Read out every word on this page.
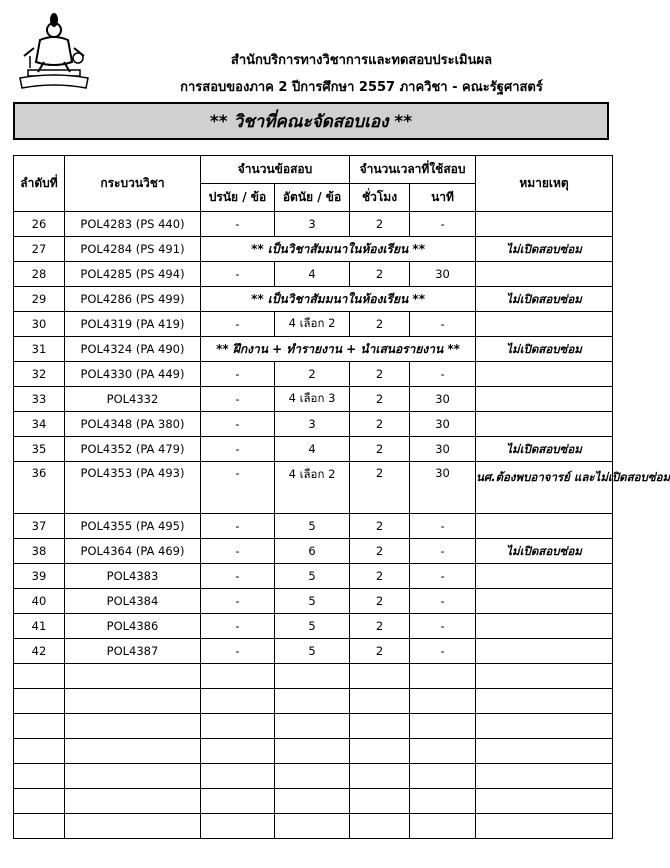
สำนักบริการทางวิชาการและทดสอบประเมินผล
การสอบของภาค 2 ปีการศึกษา 2557 ภาควิชา - คณะรัฐศาสตร์
** วิชาที่คณะจัดสอบเอง **
ลำดับที่	กระบวนวิชา	จำนวนข้อสอบ		จำนวนเวลาที่ใช้สอบ		หมายเหตุ
		ปรนัย / ข้อ	อัตนัย / ข้อ	ชั่วโมง	นาที	
26	POL4283 (PS 440)	-	3	2	-	
27	POL4284 (PS 491)	** เป็นวิชาสัมมนาในห้องเรียน **				ไม่เปิดสอบซ่อม
28	POL4285 (PS 494)	-	4	2	30	
29	POL4286 (PS 499)	** เป็นวิชาสัมมนาในห้องเรียน **				ไม่เปิดสอบซ่อม
30	POL4319 (PA 419)	-	4 เลือก 2	2	-	
31	POL4324 (PA 490)	** ฝึกงาน + ทำรายงาน + นำเสนอรายงาน **				ไม่เปิดสอบซ่อม
32	POL4330 (PA 449)	-	2	2	-	
33	POL4332	-	4 เลือก 3	2	30	
34	POL4348 (PA 380)	-	3	2	30	
35	POL4352 (PA 479)	-	4	2	30	ไม่เปิดสอบซ่อม
36	POL4353 (PA 493)	-	4 เลือก 2	2	30	นศ.ต้องพบอาจารย์ และไม่เปิดสอบซ่อม
37	POL4355 (PA 495)	-	5	2	-	
38	POL4364 (PA 469)	-	6	2	-	ไม่เปิดสอบซ่อม
39	POL4383	-	5	2	-	
40	POL4384	-	5	2	-	
41	POL4386	-	5	2	-	
42	POL4387	-	5	2	-	
